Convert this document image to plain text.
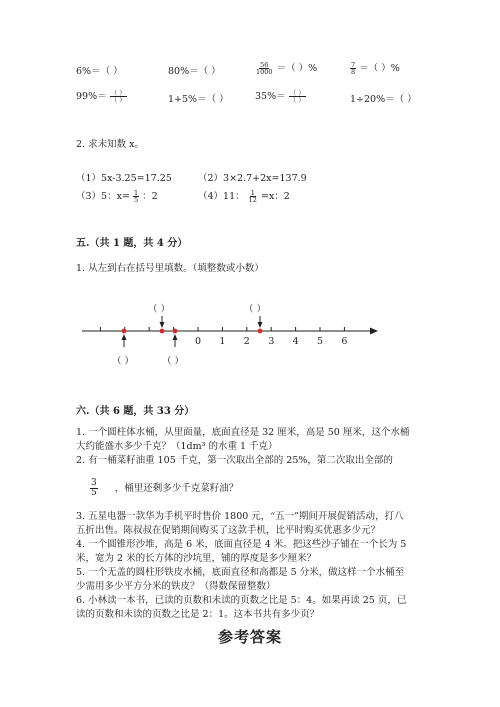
6%＝（ ）	80%＝（ ）	$\frac{56}{1000}$ ＝（ ）%	$\frac{7}{8}$ ＝（ ）%
$99\%= \frac{( )}{( )}$	1+5%＝（ ）	$35\%= \frac{( )}{( )}$	1÷20%＝（ ）
2. 求未知数 x。
（1）5x-3.25=17.25	（2）3×2.7+2x=137.9
（3）5：$x= \frac{1}{5}$ ：2	（4）11： $\frac{1}{12} =x$：2
五.（共 1 题，共 4 分）
1. 从左到右在括号里填数。（填整数或小数）
（ ）	（ ）
（ ）	（ ）
0 1 2 3 4 5 6
六.（共 6 题，共 33 分）
1. 一个圆柱体水桶，从里面量，底面直径是 32 厘米，高是 50 厘米，这个水桶
大约能盛水多少千克？（1dm³ 的水重 1 千克）
2. 有一桶菜籽油重 105 千克，第一次取出全部的 25%，第二次取出全部的
$\frac{3}{5}$ ，桶里还剩多少千克菜籽油？
3. 五星电器一款华为手机平时售价 1800 元，“五一”期间开展促销活动，打八
五折出售。陈叔叔在促销期间购买了这款手机，比平时购买优惠多少元？
4. 一个圆锥形沙堆，高是 6 米，底面直径是 4 米。把这些沙子铺在一个长为 5
米，宽为 2 米的长方体的沙坑里，铺的厚度是多少厘米？
5. 一个无盖的圆柱形铁皮水桶，底面直径和高都是 5 分米，做这样一个水桶至
少需用多少平方分米的铁皮？（得数保留整数）
6. 小林读一本书，已读的页数和未读的页数之比是 5：4。如果再读 25 页，已
读的页数和未读的页数之比是 2：1。这本书共有多少页？
参考答案
